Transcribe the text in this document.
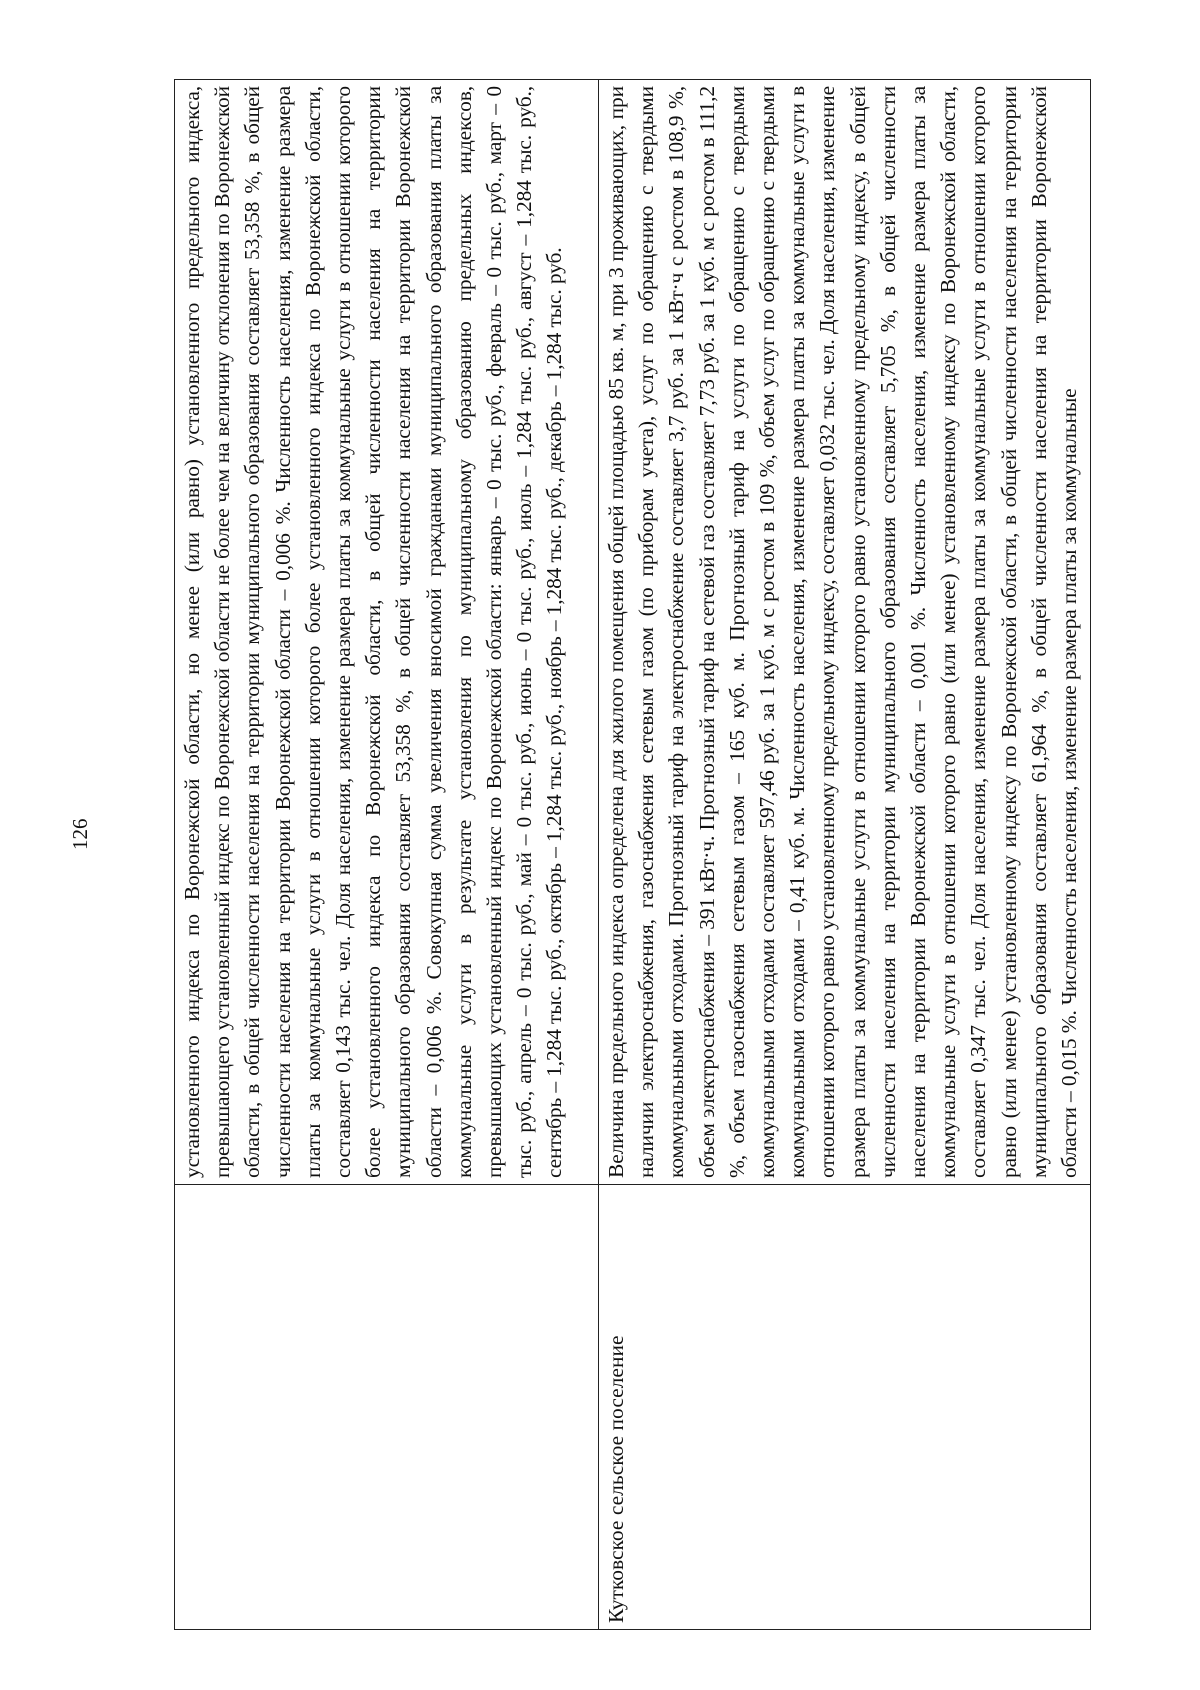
126
		установленного индекса по Воронежской области, но менее (или равно) установленного предельного индекса, превышающего установленный индекс по Воронежской области не более чем на величину отклонения по Воронежской области, в общей численности населения на территории муниципального образования составляет 53,358 %, в общей численности населения на территории Воронежской области – 0,006 %. Численность населения, изменение размера платы за коммунальные услуги в отношении которого более установленного индекса по Воронежской области, составляет 0,143 тыс. чел. Доля населения, изменение размера платы за коммунальные услуги в отношении которого более установленного индекса по Воронежской области, в общей численности населения на территории муниципального образования составляет 53,358 %, в общей численности населения на территории Воронежской области – 0,006 %. Совокупная сумма увеличения вносимой гражданами муниципального образования платы за коммунальные услуги в результате установления по муниципальному образованию предельных индексов, превышающих установленный индекс по Воронежской области: январь – 0 тыс. руб., февраль – 0 тыс. руб., март – 0 тыс. руб., апрель – 0 тыс. руб., май – 0 тыс. руб., июнь – 0 тыс. руб., июль – 1,284 тыс. руб., август – 1,284 тыс. руб., сентябрь – 1,284 тыс. руб., октябрь – 1,284 тыс. руб., ноябрь – 1,284 тыс. руб., декабрь – 1,284 тыс. руб.
Кутковское сельское поселение	Величина предельного индекса определена для жилого помещения общей площадью 85 кв. м, при 3 проживающих, при наличии электроснабжения, газоснабжения сетевым газом (по приборам учета), услуг по обращению с твердыми коммунальными отходами. Прогнозный тариф на электроснабжение составляет 3,7 руб. за 1 кВт·ч с ростом в 108,9 %, объем электроснабжения – 391 кВт·ч. Прогнозный тариф на сетевой газ составляет 7,73 руб. за 1 куб. м с ростом в 111,2 %, объем газоснабжения сетевым газом – 165 куб. м. Прогнозный тариф на услуги по обращению с твердыми коммунальными отходами составляет 597,46 руб. за 1 куб. м с ростом в 109 %, объем услуг по обращению с твердыми коммунальными отходами – 0,41 куб. м. Численность населения, изменение размера платы за коммунальные услуги в отношении которого равно установленному предельному индексу, составляет 0,032 тыс. чел. Доля населения, изменение размера платы за коммунальные услуги в отношении которого равно установленному предельному индексу, в общей численности населения на территории муниципального образования составляет 5,705 %, в общей численности населения на территории Воронежской области – 0,001 %. Численность населения, изменение размера платы за коммунальные услуги в отношении которого равно (или менее) установленному индексу по Воронежской области, составляет 0,347 тыс. чел. Доля населения, изменение размера платы за коммунальные услуги в отношении которого равно (или менее) установленному индексу по Воронежской области, в общей численности населения на территории муниципального образования составляет 61,964 %, в общей численности населения на территории Воронежской области – 0,015 %. Численность населения, изменение размера платы за коммунальные
